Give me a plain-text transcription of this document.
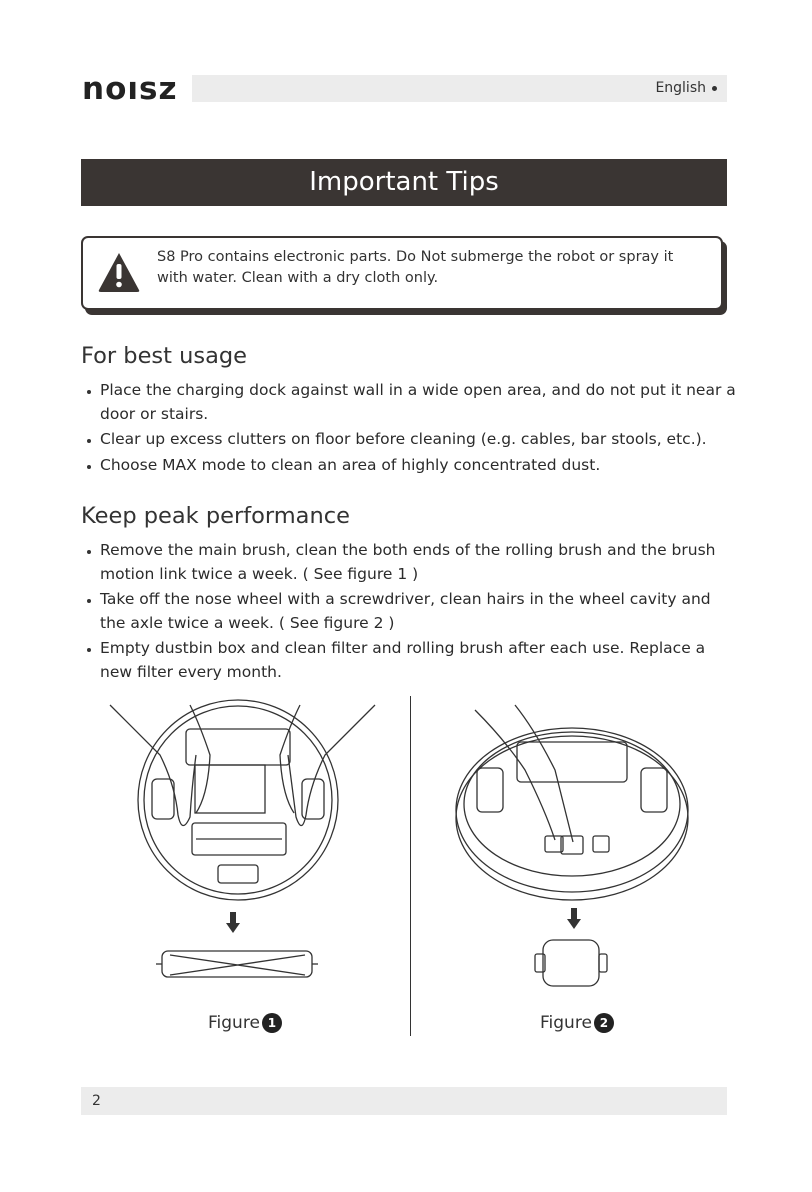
noısz	English
Important Tips
S8 Pro contains electronic parts. Do Not submerge the robot or spray it with water. Clean with a dry cloth only.
For best usage
Place the charging dock against wall in a wide open area, and do not put it near a door or stairs.
Clear up excess clutters on floor before cleaning (e.g. cables, bar stools, etc.).
Choose MAX mode to clean an area of highly concentrated dust.
Keep peak performance
Remove the main brush, clean the both ends of the rolling brush and the brush motion link twice a week. ( See figure 1 )
Take off the nose wheel with a screwdriver, clean hairs in the wheel cavity and the axle twice a week. ( See figure 2 )
Empty dustbin box and clean filter and rolling brush after each use. Replace a new filter every month.
Figure 1	Figure 2
2
